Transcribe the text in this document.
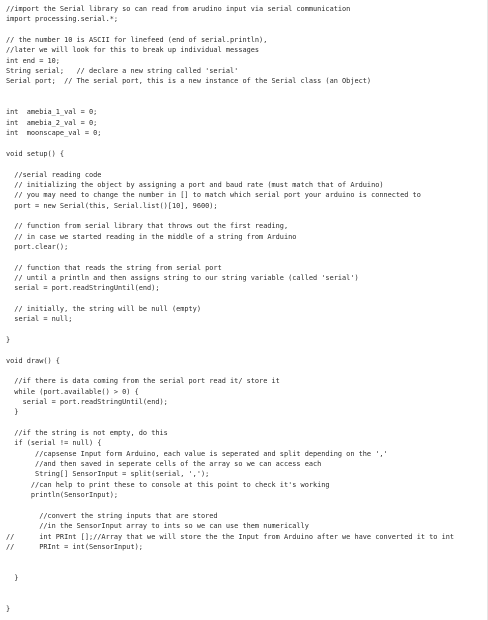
//import the Serial library so can read from arudino input via serial communication
import processing.serial.*;
// the number 10 is ASCII for linefeed (end of serial.println),
//later we will look for this to break up individual messages
int end = 10;
String serial;   // declare a new string called 'serial'
Serial port;  // The serial port, this is a new instance of the Serial class (an Object)
int  amebia_1_val = 0;
int  amebia_2_val = 0;
int  moonscape_val = 0;
void setup() {
//serial reading code
// initializing the object by assigning a port and baud rate (must match that of Arduino)
// you may need to change the number in [] to match which serial port your arduino is connected to
port = new Serial(this, Serial.list()[10], 9600);
// function from serial library that throws out the first reading,
// in case we started reading in the middle of a string from Arduino
port.clear();
// function that reads the string from serial port
// until a println and then assigns string to our string variable (called 'serial')
serial = port.readStringUntil(end);
// initially, the string will be null (empty)
serial = null;
}
void draw() {
//if there is data coming from the serial port read it/ store it
while (port.available() > 0) {
serial = port.readStringUntil(end);
}
//if the string is not empty, do this
if (serial != null) {
//capsense Input form Arduino, each value is seperated and split depending on the ','
//and then saved in seperate cells of the array so we can access each
String[] SensorInput = split(serial, ',');
//can help to print these to console at this point to check it's working
println(SensorInput);
//convert the string inputs that are stored
//in the SensorInput array to ints so we can use them numerically
//      int PRInt [];//Array that we will store the the Input from Arduino after we have converted it to int
//      PRInt = int(SensorInput);
}
}
